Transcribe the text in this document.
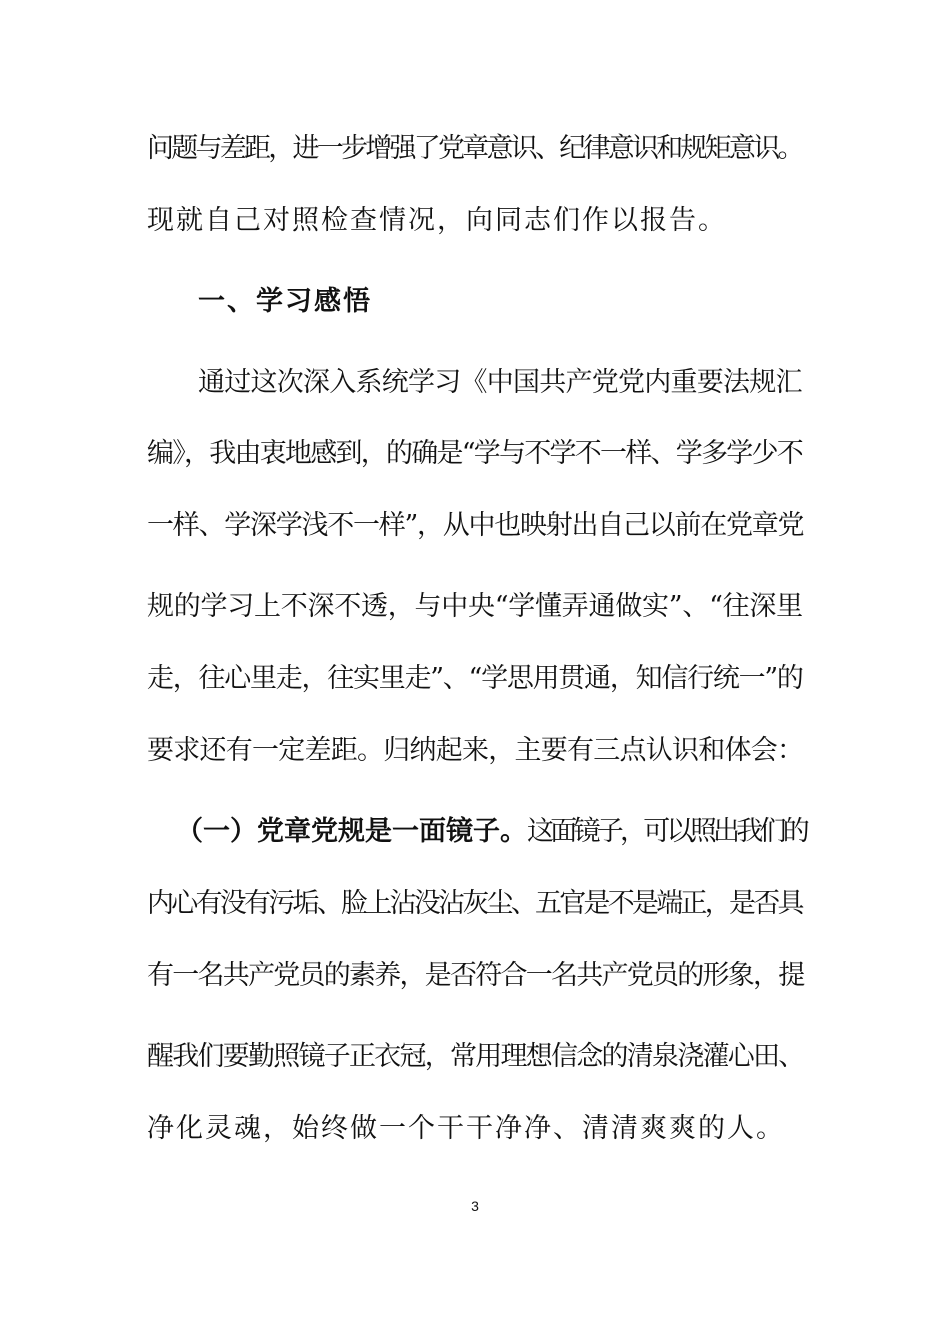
问题与差距，进一步增强了党章意识、纪律意识和规矩意识。
现就自己对照检查情况，向同志们作以报告。
一、学习感悟
通过这次深入系统学习《中国共产党党内重要法规汇
编》，我由衷地感到，的确是“学与不学不一样、学多学少不
一样、学深学浅不一样”，从中也映射出自己以前在党章党
规的学习上不深不透，与中央“学懂弄通做实”、“往深里
走，往心里走，往实里走”、“学思用贯通，知信行统一”的
要求还有一定差距。归纳起来，主要有三点认识和体会：
（一）党章党规是一面镜子。这面镜子，可以照出我们的
内心有没有污垢、脸上沾没沾灰尘、五官是不是端正，是否具
有一名共产党员的素养，是否符合一名共产党员的形象，提
醒我们要勤照镜子正衣冠，常用理想信念的清泉浇灌心田、
净化灵魂，始终做一个干干净净、清清爽爽的人。
3
